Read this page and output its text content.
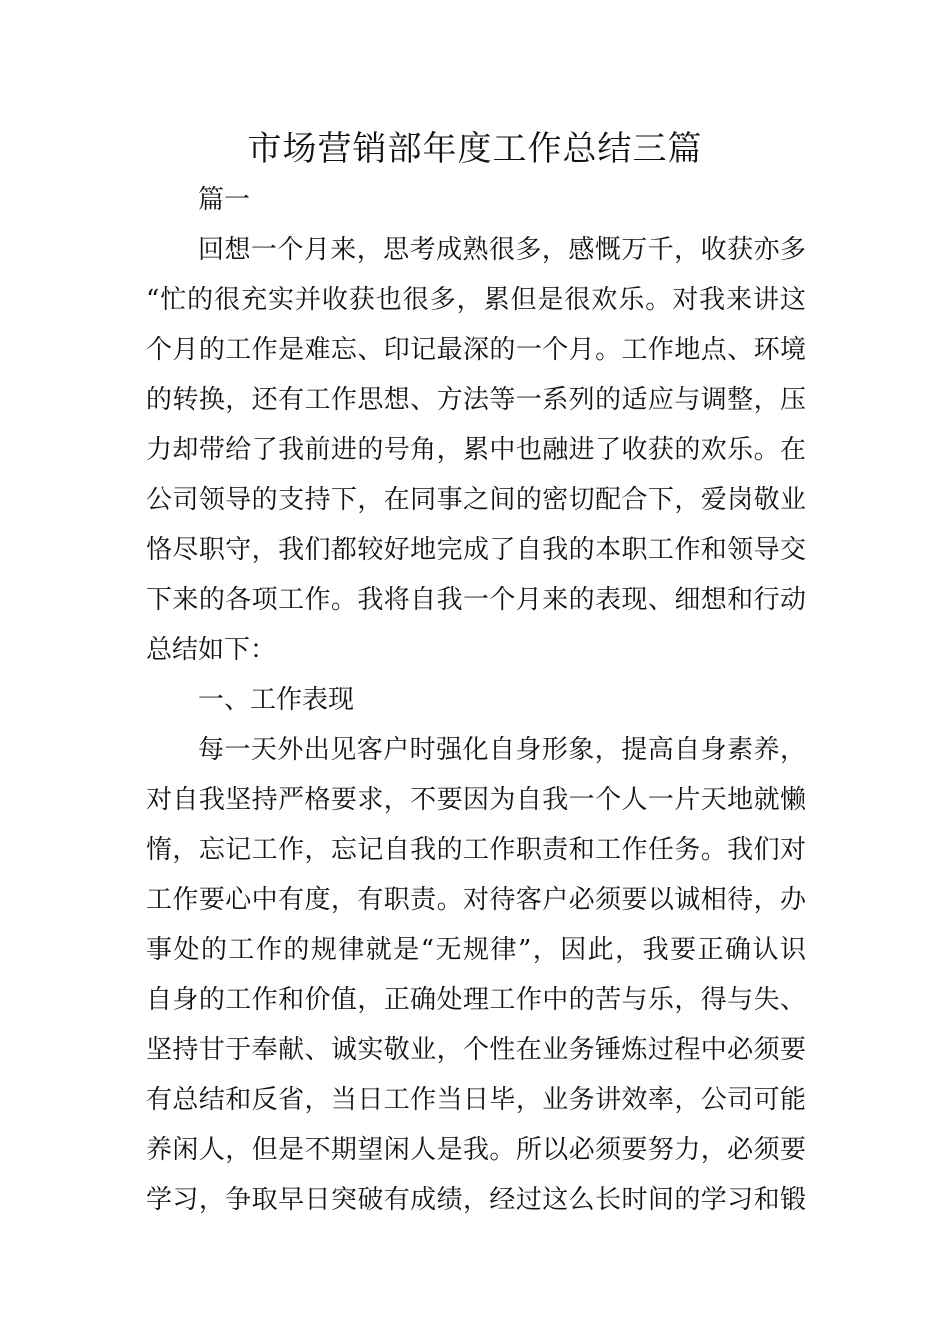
市场营销部年度工作总结三篇

篇一

回想一个月来，思考成熟很多，感慨万千，收获亦多

“忙的很充实并收获也很多，累但是很欢乐。对我来讲这

个月的工作是难忘、印记最深的一个月。工作地点、环境

的转换，还有工作思想、方法等一系列的适应与调整，压

力却带给了我前进的号角，累中也融进了收获的欢乐。在

公司领导的支持下，在同事之间的密切配合下，爱岗敬业

恪尽职守，我们都较好地完成了自我的本职工作和领导交

下来的各项工作。我将自我一个月来的表现、细想和行动

总结如下：

一、工作表现

每一天外出见客户时强化自身形象，提高自身素养，

对自我坚持严格要求，不要因为自我一个人一片天地就懒

惰，忘记工作，忘记自我的工作职责和工作任务。我们对

工作要心中有度，有职责。对待客户必须要以诚相待，办

事处的工作的规律就是“无规律”，因此，我要正确认识

自身的工作和价值，正确处理工作中的苦与乐，得与失、

坚持甘于奉献、诚实敬业，个性在业务锤炼过程中必须要

有总结和反省，当日工作当日毕，业务讲效率，公司可能

养闲人，但是不期望闲人是我。所以必须要努力，必须要

学习，争取早日突破有成绩，经过这么长时间的学习和锻
